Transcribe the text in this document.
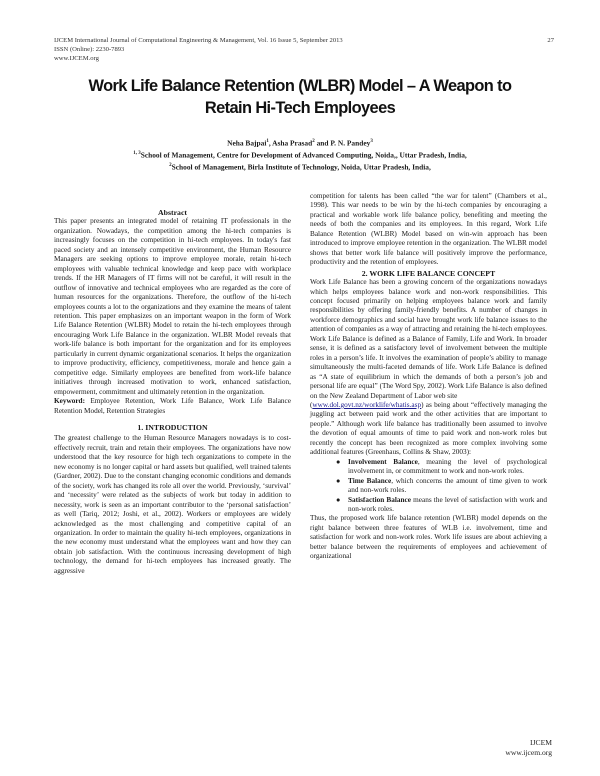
IJCEM International Journal of Computational Engineering & Management, Vol. 16 Issue 5, September 2013
ISSN (Online): 2230-7893
www.IJCEM.org
27
Work Life Balance Retention (WLBR) Model – A Weapon to
Retain Hi-Tech Employees
Neha Bajpai$^1$, Asha Prasad$^2$ and P. N. Pandey$^3$
$^{1, 3}$School of Management, Centre for Development of Advanced Computing, Noida,, Uttar Pradesh, India,
$^2$School of Management, Birla Institute of Technology, Noida, Uttar Pradesh, India,

Abstract

This paper presents an integrated model of retaining IT professionals in the organization. Nowadays, the competition among the hi-tech companies is increasingly focuses on the competition in hi-tech employees. In today's fast paced society and an intensely competitive environment, the Human Resource Managers are seeking options to improve employee morale, retain hi-tech employees with valuable technical knowledge and keep pace with workplace trends. If the HR Managers of IT firms will not be careful, it will result in the outflow of innovative and technical employees who are regarded as the core of human resources for the organizations. Therefore, the outflow of the hi-tech employees counts a lot to the organizations and they examine the means of talent retention. This paper emphasizes on an important weapon in the form of Work Life Balance Retention (WLBR) Model to retain the hi-tech employees through encouraging Work Life Balance in the organization. WLBR Model reveals that work-life balance is both important for the organization and for its employees particularly in current dynamic organizational scenarios. It helps the organization to improve productivity, efficiency, competitiveness, morale and hence gain a competitive edge. Similarly employees are benefited from work-life balance initiatives through increased motivation to work, enhanced satisfaction, empowerment, commitment and ultimately retention in the organization.

Keyword: Employee Retention, Work Life Balance, Work Life Balance Retention Model, Retention Strategies

1. INTRODUCTION

The greatest challenge to the Human Resource Managers nowadays is to cost-effectively recruit, train and retain their employees. The organizations have now understood that the key resource for high tech organizations to compete in the new economy is no longer capital or hard assets but qualified, well trained talents (Gardner, 2002). Due to the constant changing economic conditions and demands of the society, work has changed its role all over the world. Previously, ‘survival’ and ‘necessity’ were related as the subjects of work but today in addition to necessity, work is seen as an important contributor to the ‘personal satisfaction’ as well (Tariq, 2012; Joshi, et al., 2002). Workers or employees are widely acknowledged as the most challenging and competitive capital of an organization. In order to maintain the quality hi-tech employees, organizations in the new economy must understand what the employees want and how they can obtain job satisfaction. With the continuous increasing development of high technology, the demand for hi-tech employees has increased greatly. The aggressive

competition for talents has been called “the war for talent” (Chambers et al., 1998). This war needs to be win by the hi-tech companies by encouraging a practical and workable work life balance policy, benefiting and meeting the needs of both the companies and its employees. In this regard, Work Life Balance Retention (WLBR) Model based on win-win approach has been introduced to improve employee retention in the organization. The WLBR model shows that better work life balance will positively improve the performance, productivity and the retention of employees.

2. WORK LIFE BALANCE CONCEPT

Work Life Balance has been a growing concern of the organizations nowadays which helps employees balance work and non-work responsibilities. This concept focused primarily on helping employees balance work and family responsibilities by offering family-friendly benefits. A number of changes in workforce demographics and social have brought work life balance issues to the attention of companies as a way of attracting and retaining the hi-tech employees. Work Life Balance is defined as a Balance of Family, Life and Work. In broader sense, it is defined as a satisfactory level of involvement between the multiple roles in a person’s life. It involves the examination of people’s ability to manage simultaneously the multi-faceted demands of life. Work Life Balance is defined as “A state of equilibrium in which the demands of both a person’s job and personal life are equal” (The Word Spy, 2002). Work Life Balance is also defined on the New Zealand Department of Labor web site

(www.dol.govt.nz/worklife/whatis.asp) as being about “effectively managing the juggling act between paid work and the other activities that are important to people.” Although work life balance has traditionally been assumed to involve the devotion of equal amounts of time to paid work and non-work roles but recently the concept has been recognized as more complex involving some additional features (Greenhaus, Collins & Shaw, 2003):

● Involvement Balance, meaning the level of psychological involvement in, or commitment to work and non-work roles.
● Time Balance, which concerns the amount of time given to work and non-work roles.
● Satisfaction Balance means the level of satisfaction with work and non-work roles.

Thus, the proposed work life balance retention (WLBR) model depends on the right balance between three features of WLB i.e. involvement, time and satisfaction for work and non-work roles. Work life issues are about achieving a better balance between the requirements of employees and achievement of organizational

IJCEM
www.ijcem.org
